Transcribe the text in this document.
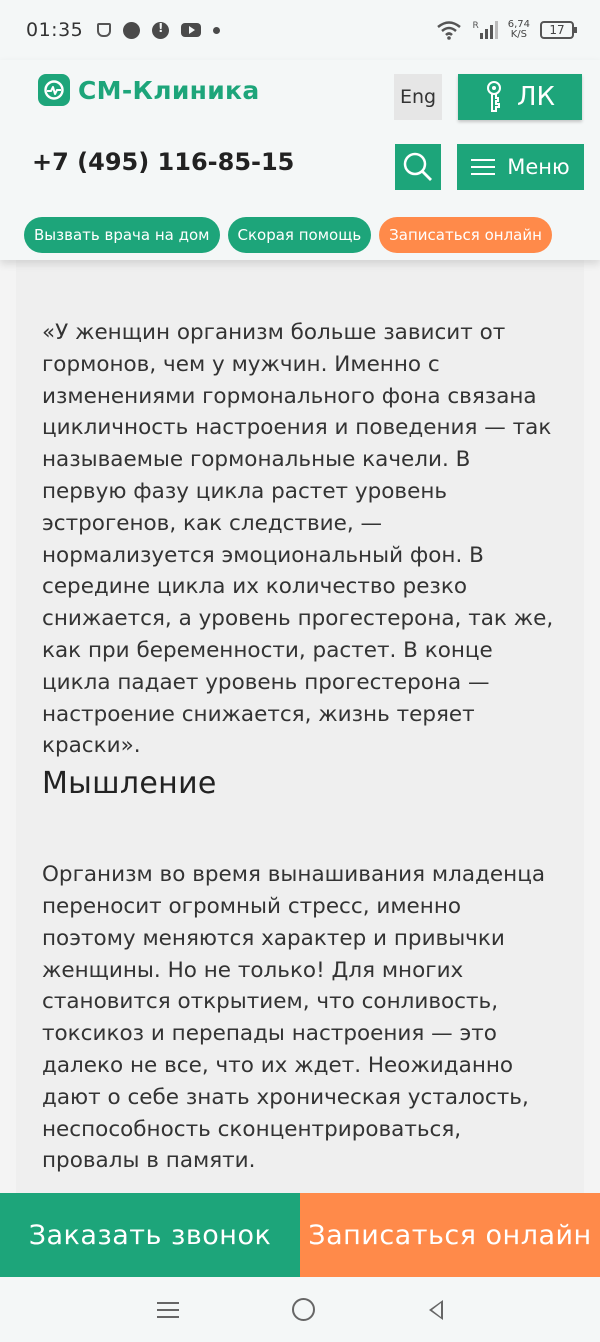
01:35
!	R	6,74
K/S	17
СМ-Клиника	Eng	ЛК
+7 (495) 116-85-15	Меню
Вызвать врача на дом	Скорая помощь	Записаться онлайн

«У женщин организм больше зависит от гормонов, чем у мужчин. Именно с изменениями гормонального фона связана цикличность настроения и поведения — так называемые гормональные качели. В первую фазу цикла растет уровень эстрогенов, как следствие, — нормализуется эмоциональный фон. В середине цикла их количество резко снижается, а уровень прогестерона, так же, как при беременности, растет. В конце цикла падает уровень прогестерона — настроение снижается, жизнь теряет краски».

Мышление

Организм во время вынашивания младенца переносит огромный стресс, именно поэтому меняются характер и привычки женщины. Но не только! Для многих становится открытием, что сонливость, токсикоз и перепады настроения — это далеко не все, что их ждет. Неожиданно дают о себе знать хроническая усталость, неспособность сконцентрироваться, провалы в памяти.

Заказать звонок	Записаться онлайн
